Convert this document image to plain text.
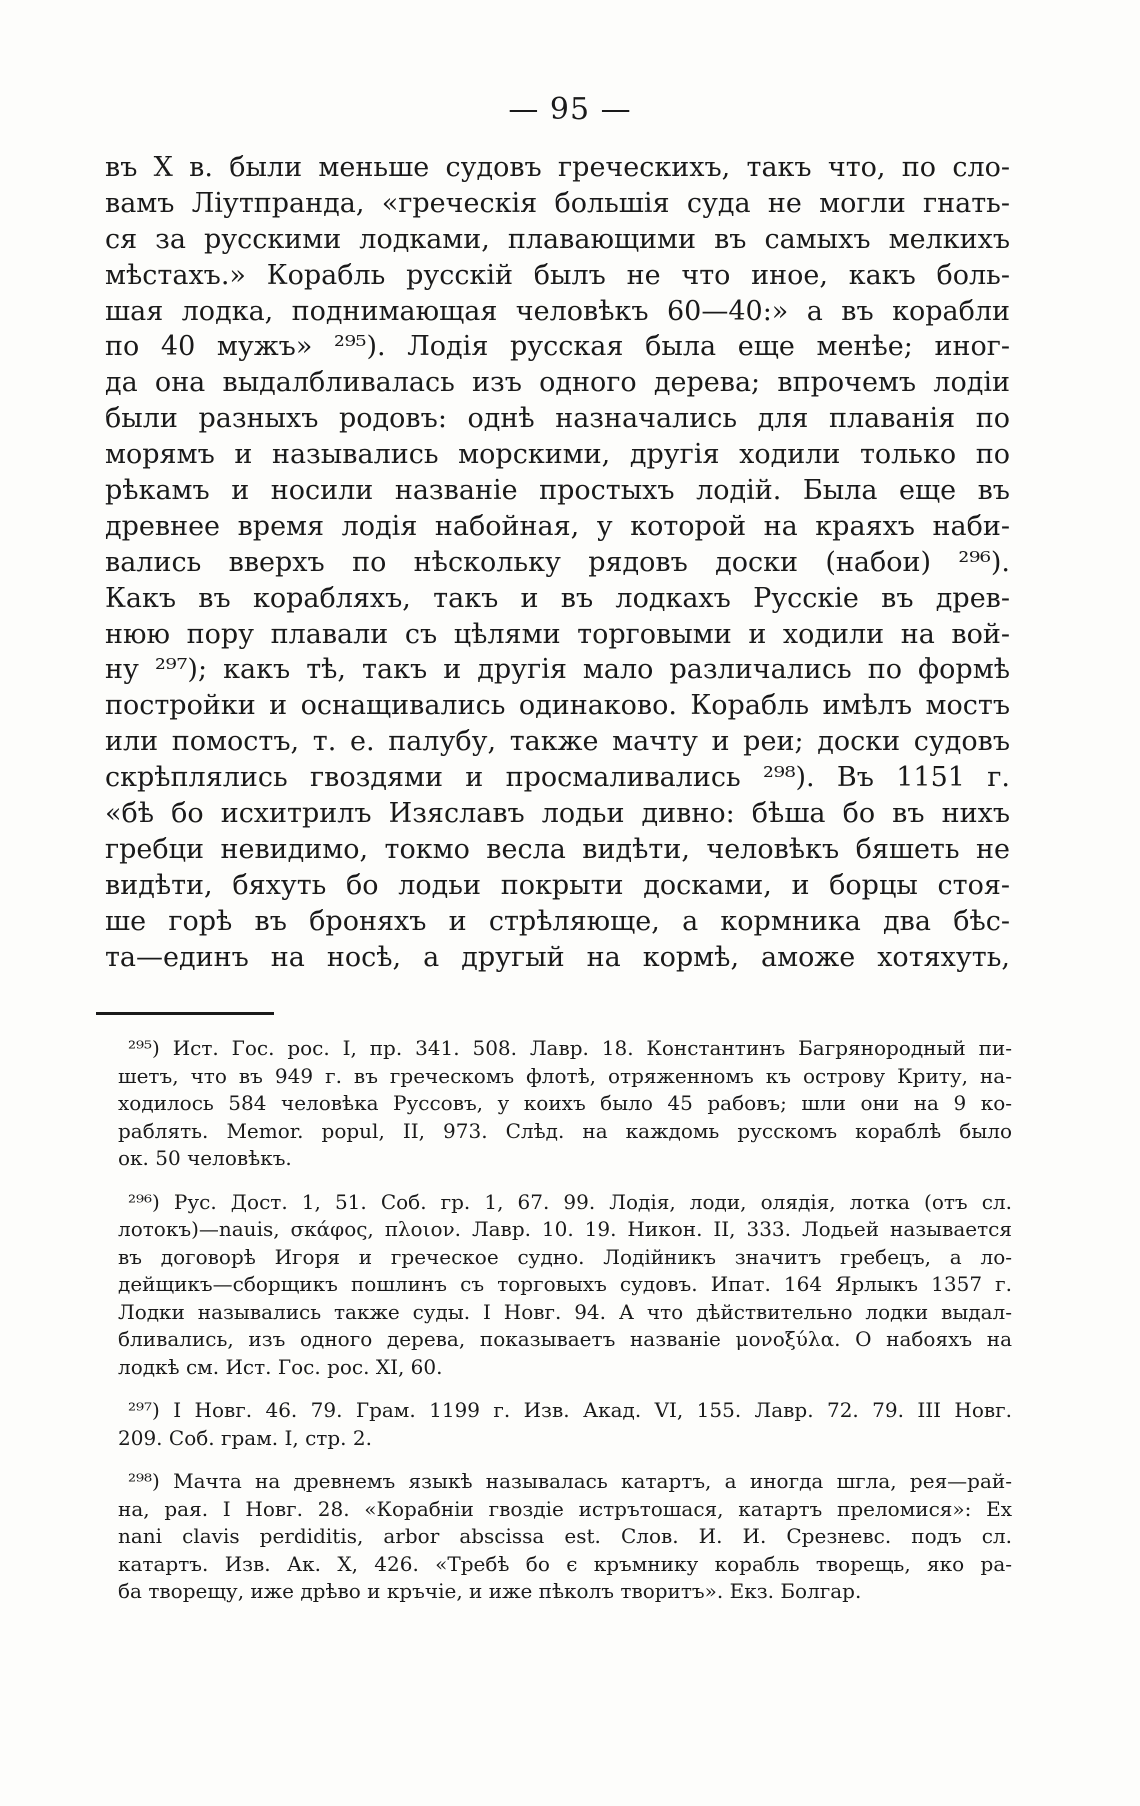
— 95 —
въ X в. были меньше судовъ греческихъ, такъ что, по сло-
вамъ Ліутпранда, «греческія большія суда не могли гнать-
ся за русскими лодками, плавающими въ самыхъ мелкихъ
мѣстахъ.» Корабль русскій былъ не что иное, какъ боль-
шая лодка, поднимающая человѣкъ 60—40:» а въ корабли
по 40 мужъ» ²⁹⁵). Лодія русская была еще менѣе; иног-
да она выдалбливалась изъ одного дерева; впрочемъ лодіи
были разныхъ родовъ: однѣ назначались для плаванія по
морямъ и назывались морскими, другія ходили только по
рѣкамъ и носили названіе простыхъ лодій. Была еще въ
древнее время лодія набойная, у которой на краяхъ наби-
вались вверхъ по нѣскольку рядовъ доски (набои) ²⁹⁶).
Какъ въ корабляхъ, такъ и въ лодкахъ Русскіе въ древ-
нюю пору плавали съ цѣлями торговыми и ходили на вой-
ну ²⁹⁷); какъ тѣ, такъ и другія мало различались по формѣ
постройки и оснащивались одинаково. Корабль имѣлъ мостъ
или помостъ, т. е. палубу, также мачту и реи; доски судовъ
скрѣплялись гвоздями и просмаливались ²⁹⁸). Въ 1151 г.
«бѣ бо исхитрилъ Изяславъ лодьи дивно: бѣша бо въ нихъ
гребци невидимо, токмо весла видѣти, человѣкъ бяшеть не
видѣти, бяхуть бо лодьи покрыти досками, и борцы стоя-
ше горѣ въ броняхъ и стрѣляюще, а кормника два бѣс-
та—единъ на носѣ, а другый на кормѣ, аможе хотяхуть,
²⁹⁵) Ист. Гос. рос. I, пр. 341. 508. Лавр. 18. Константинъ Багрянородный пи-
шетъ, что въ 949 г. въ греческомъ флотѣ, отряженномъ къ острову Криту, на-
ходилось 584 человѣка Руссовъ, у коихъ было 45 рабовъ; шли они на 9 ко-
раблять. Memor. popul, II, 973. Слѣд. на каждомь русскомъ кораблѣ было
ок. 50 человѣкъ.
²⁹⁶) Рус. Дост. 1, 51. Соб. гр. 1, 67. 99. Лодія, лоди, олядія, лотка (отъ сл.
лотокъ)—nauis, σκάφος, πλοιον. Лавр. 10. 19. Никон. II, 333. Лодьей называется
въ договорѣ Игоря и греческое судно. Лодійникъ значитъ гребецъ, а ло-
дейщикъ—сборщикъ пошлинъ съ торговыхъ судовъ. Ипат. 164 Ярлыкъ 1357 г.
Лодки назывались также суды. I Новг. 94. А что дѣйствительно лодки выдал-
бливались, изъ одного дерева, показываетъ названіе μονοξύλα. О набояхъ на
лодкѣ см. Ист. Гос. рос. XI, 60.
²⁹⁷) I Новг. 46. 79. Грам. 1199 г. Изв. Акад. VI, 155. Лавр. 72. 79. III Новг.
209. Соб. грам. I, стр. 2.
²⁹⁸) Мачта на древнемъ языкѣ называлась катартъ, а иногда шгла, рея—рай-
на, рая. I Новг. 28. «Корабнiи гвоздiе истрътошася, катартъ преломися»: Ex
nani clavis perdiditis, arbor abscissa est. Слов. И. И. Срезневс. подъ сл.
катартъ. Изв. Ак. X, 426. «Требѣ бо є кръмнику корабль творещь, яко ра-
ба творещу, иже дрѣво и кръчіе, и иже пѣколъ творитъ». Екз. Болгар.
